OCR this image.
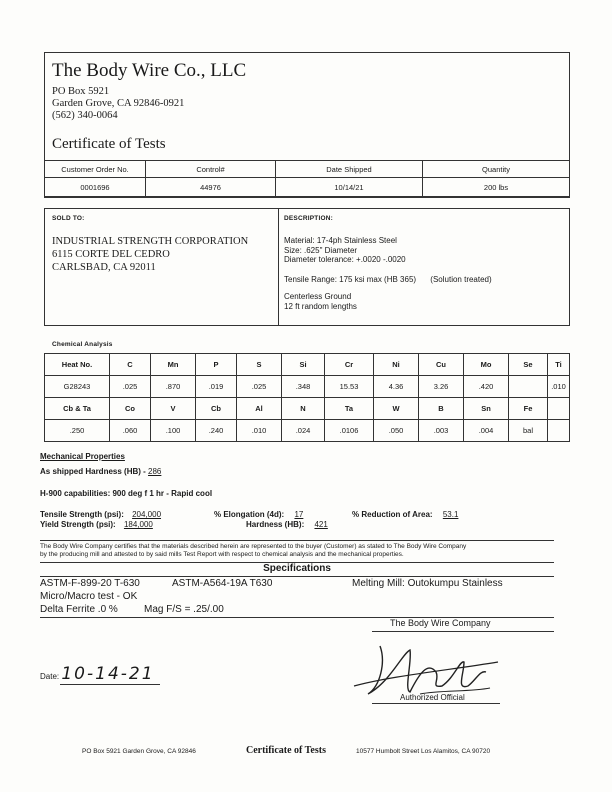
The Body Wire Co., LLC
PO Box 5921
Garden Grove, CA 92846-0921
(562) 340-0064
Certificate of Tests
Customer Order No.	Control#	Date Shipped	Quantity
0001696	44976	10/14/21	200 lbs
SOLD TO:
INDUSTRIAL STRENGTH CORPORATION
6115 CORTE DEL CEDRO
CARLSBAD, CA 92011
DESCRIPTION:
Material: 17-4ph Stainless Steel
Size: .625" Diameter
Diameter tolerance: +.0020 -.0020
Tensile Range: 175 ksi max (HB 365) (Solution treated)
Centerless Ground
12 ft random lengths
Chemical Analysis
Heat No.	C	Mn	P	S	Si	Cr	Ni	Cu	Mo	Se	Ti
G28243	.025	.870	.019	.025	.348	15.53	4.36	3.26	.420		.010
Cb & Ta	Co	V	Cb	Al	N	Ta	W	B	Sn	Fe	
.250	.060	.100	.240	.010	.024	.0106	.050	.003	.004	bal	
Mechanical Properties
As shipped Hardness (HB) - 286
H-900 capabilities: 900 deg f 1 hr - Rapid cool
Tensile Strength (psi): 204,000	% Elongation (4d): 17	% Reduction of Area: 53.1
Yield Strength (psi): 184,000	Hardness (HB): 421
The Body Wire Company certifies that the materials described herein are represented to the buyer (Customer) as stated to The Body Wire Company
by the producing mill and attested to by said mills Test Report with respect to chemical analysis and the mechanical properties.
Specifications
ASTM-F-899-20 T-630	ASTM-A564-19A T630	Melting Mill: Outokumpu Stainless
Micro/Macro test - OK
Delta Ferrite .0 %	Mag F/S = .25/.00
The Body Wire Company
Date: 10-14-21
Authorized Official
PO Box 5921 Garden Grove, CA 92846	Certificate of Tests	10577 Humbolt Street Los Alamitos, CA 90720
